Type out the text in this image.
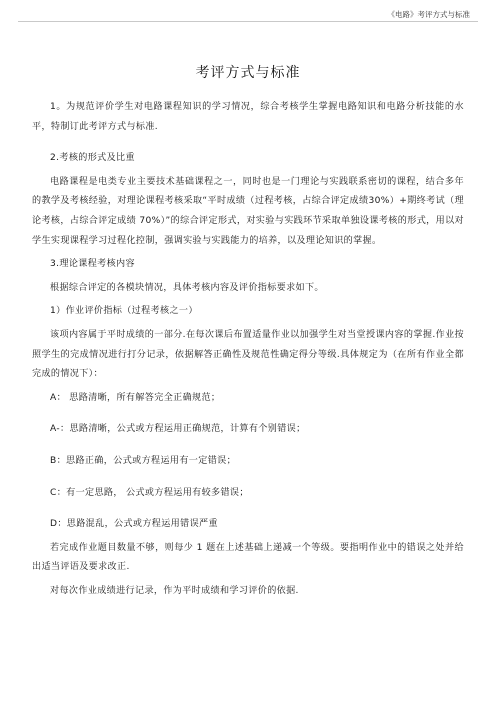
《电路》考评方式与标准
考评方式与标准

1。为规范评价学生对电路课程知识的学习情况，综合考核学生掌握电路知识和电路分析技能的水平，特制订此考评方式与标准.

2.考核的形式及比重

电路课程是电类专业主要技术基础课程之一，同时也是一门理论与实践联系密切的课程，结合多年的教学及考核经验，对理论课程考核采取“平时成绩（过程考核，占综合评定成绩30%）+期终考试（理论考核，占综合评定成绩 70%）”的综合评定形式，对实验与实践环节采取单独设课考核的形式，用以对学生实现课程学习过程化控制，强调实验与实践能力的培养，以及理论知识的掌握。

3.理论课程考核内容

根据综合评定的各模块情况，具体考核内容及评价指标要求如下。

1）作业评价指标（过程考核之一）

该项内容属于平时成绩的一部分.在每次课后布置适量作业以加强学生对当堂授课内容的掌握.作业按照学生的完成情况进行打分记录，依据解答正确性及规范性确定得分等级.具体规定为（在所有作业全都完成的情况下）：

A： 思路清晰，所有解答完全正确规范；

A-：思路清晰，公式或方程运用正确规范，计算有个别错误；

B：思路正确，公式或方程运用有一定错误；

C：有一定思路， 公式或方程运用有较多错误；

D：思路混乱，公式或方程运用错误严重

若完成作业题目数量不够，则每少 1 题在上述基础上递减一个等级。要指明作业中的错误之处并给出适当评语及要求改正.

对每次作业成绩进行记录，作为平时成绩和学习评价的依据.
